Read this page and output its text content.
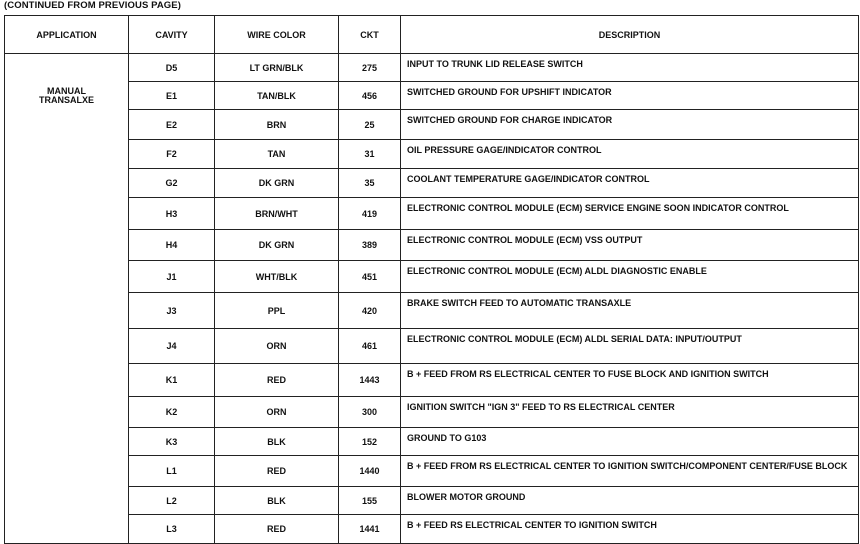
(CONTINUED FROM PREVIOUS PAGE)
APPLICATION	CAVITY	WIRE COLOR	CKT	DESCRIPTION
	D5	LT GRN/BLK	275	INPUT TO TRUNK LID RELEASE SWITCH

MANUAL TRANSALXE	E1	TAN/BLK	456	SWITCHED GROUND FOR UPSHIFT INDICATOR
	E2	BRN	25	SWITCHED GROUND FOR CHARGE INDICATOR
	F2	TAN	31	OIL PRESSURE GAGE/INDICATOR CONTROL
	G2	DK GRN	35	COOLANT TEMPERATURE GAGE/INDICATOR CONTROL
	H3	BRN/WHT	419	ELECTRONIC CONTROL MODULE (ECM) SERVICE ENGINE SOON INDICATOR CONTROL
	H4	DK GRN	389	ELECTRONIC CONTROL MODULE (ECM) VSS OUTPUT
	J1	WHT/BLK	451	ELECTRONIC CONTROL MODULE (ECM) ALDL DIAGNOSTIC ENABLE
	J3	PPL	420	BRAKE SWITCH FEED TO AUTOMATIC TRANSAXLE
	J4	ORN	461	ELECTRONIC CONTROL MODULE (ECM) ALDL SERIAL DATA: INPUT/OUTPUT
	K1	RED	1443	B + FEED FROM RS ELECTRICAL CENTER TO FUSE BLOCK AND IGNITION SWITCH
	K2	ORN	300	IGNITION SWITCH "IGN 3" FEED TO RS ELECTRICAL CENTER
	K3	BLK	152	GROUND TO G103
	L1	RED	1440	B + FEED FROM RS ELECTRICAL CENTER TO IGNITION SWITCH/COMPONENT CENTER/FUSE BLOCK
	L2	BLK	155	BLOWER MOTOR GROUND
	L3	RED	1441	B + FEED RS ELECTRICAL CENTER TO IGNITION SWITCH
